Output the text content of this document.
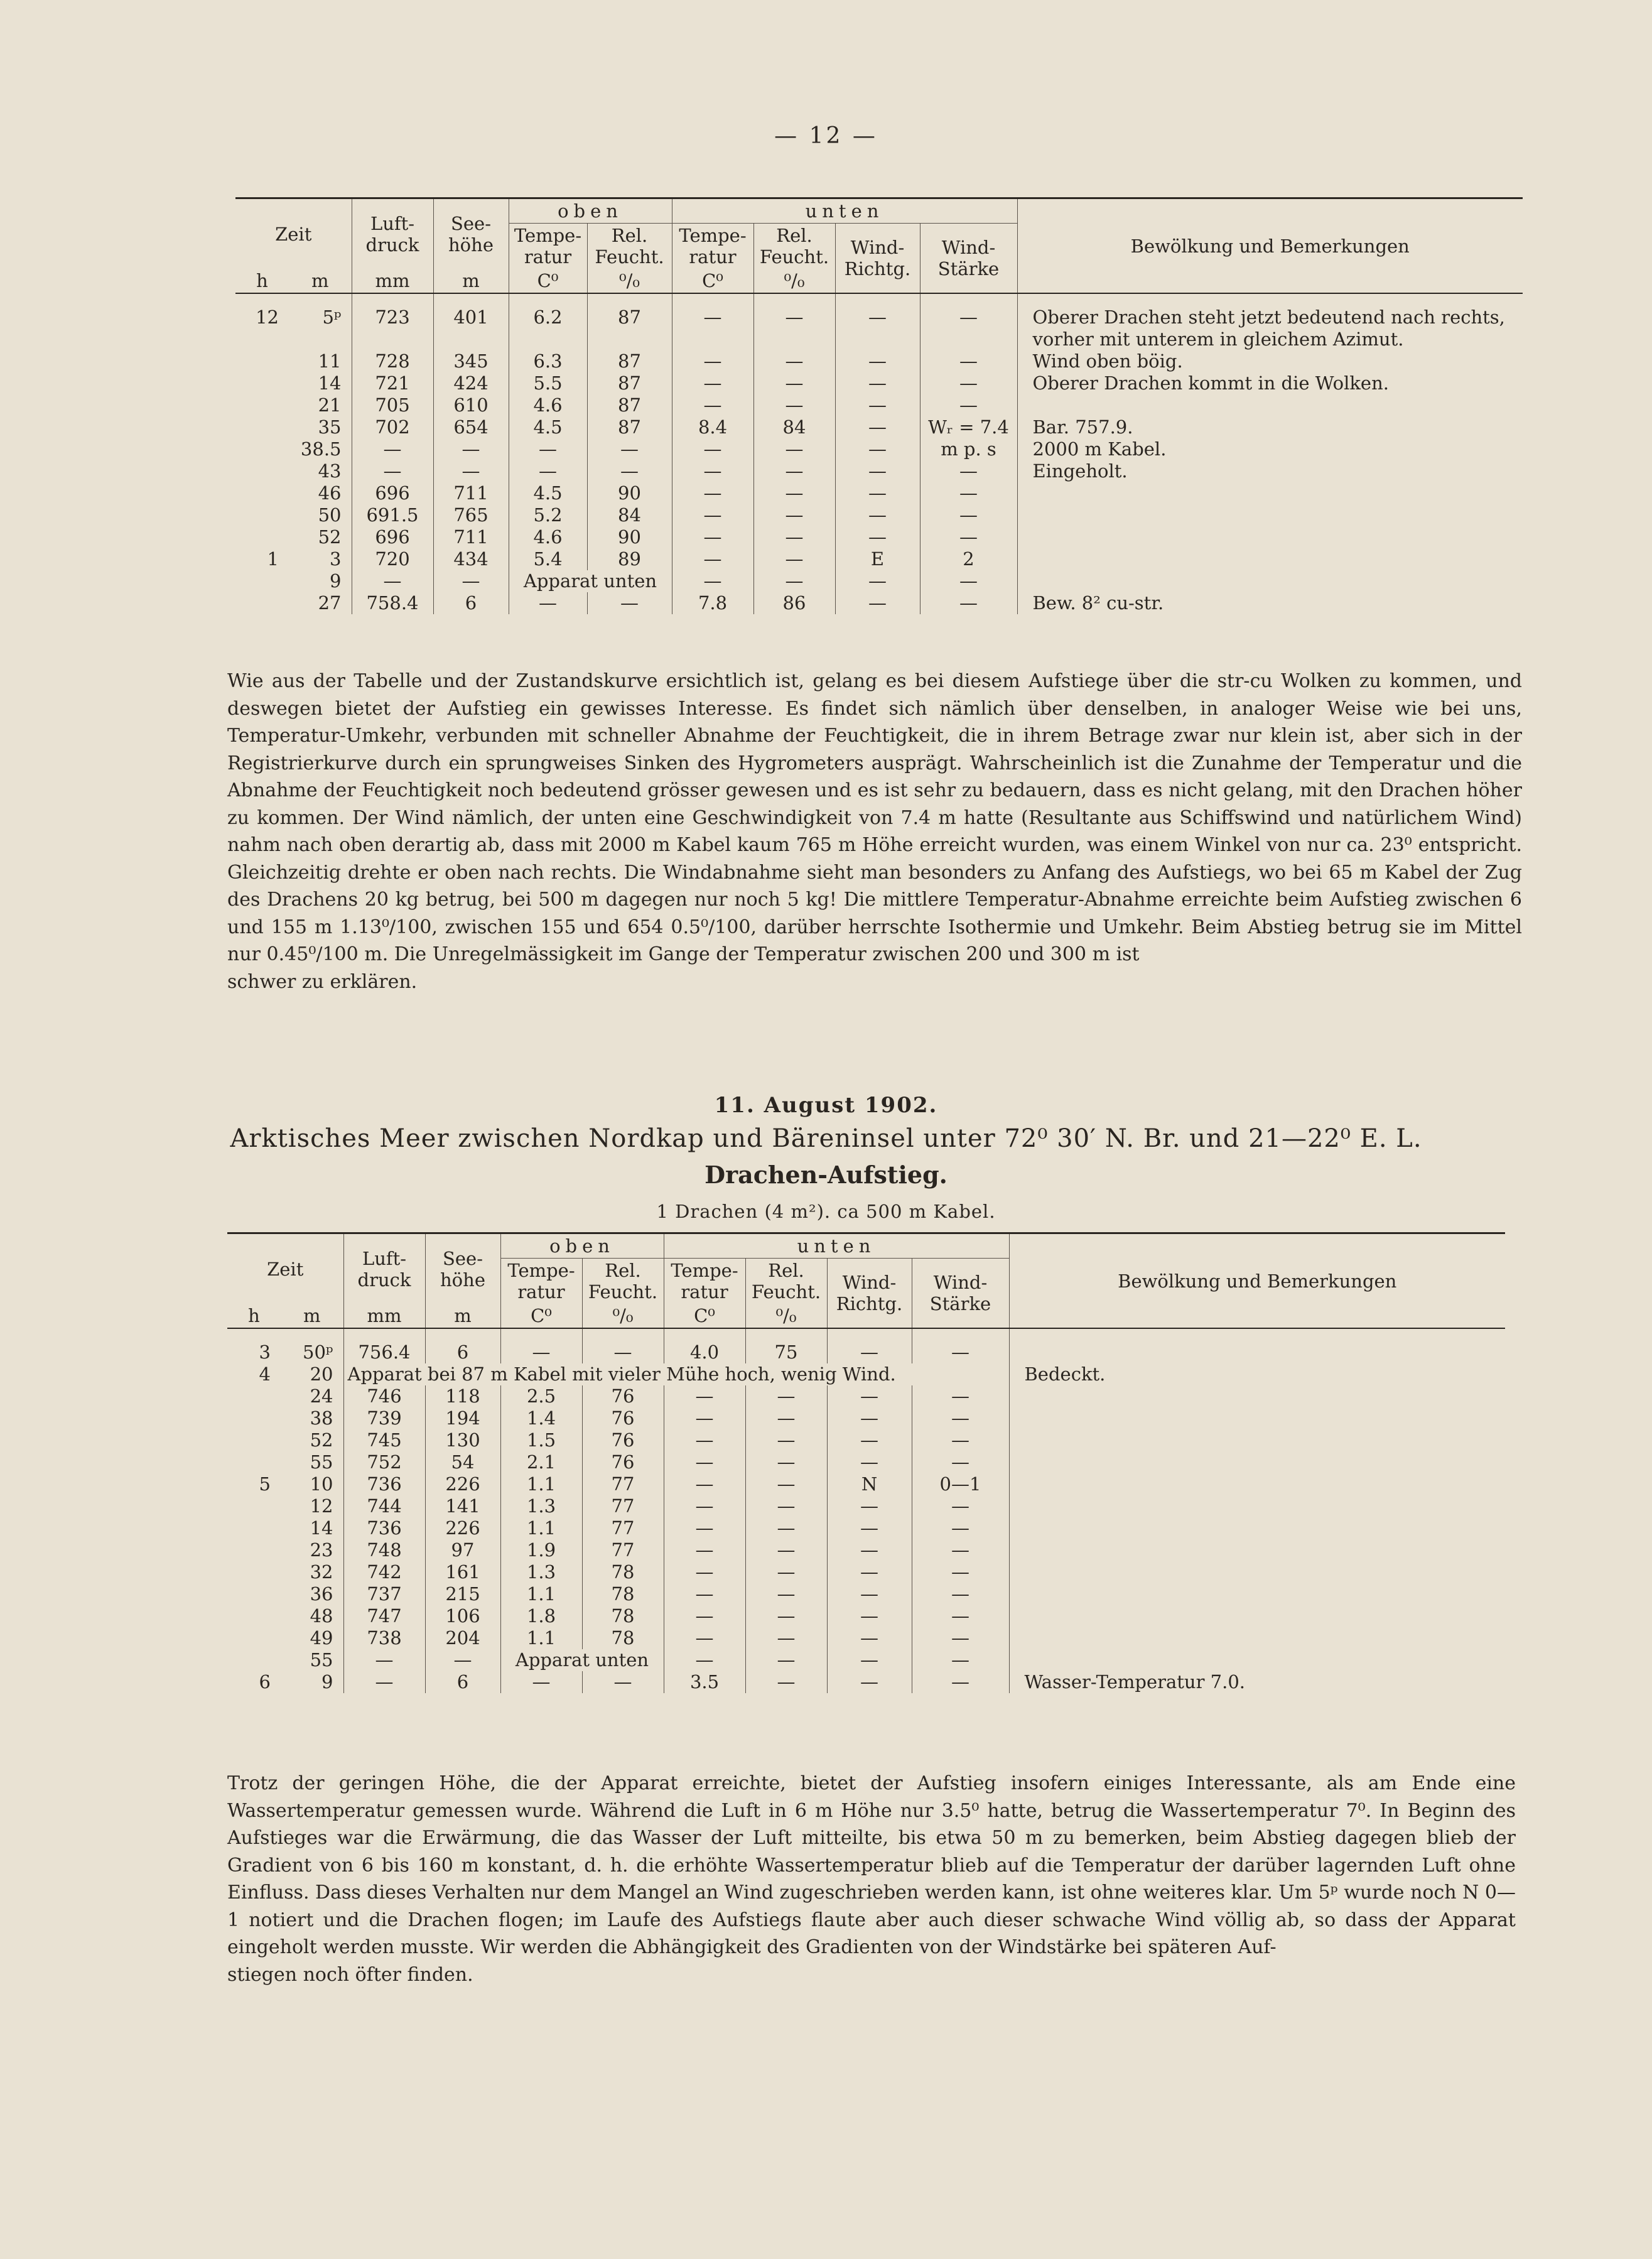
— 12 —
Zeit		Luft-druck	See-höhe	oben		unten				Bewölkung und Bemerkungen
				Tempe-ratur	Rel. Feucht.	Tempe-ratur	Rel. Feucht.	Wind-Richtg.	Wind-Stärke	
h	m	mm	m	C⁰	⁰/₀	C⁰	⁰/₀			

12	5ᵖ	723	401	6.2	87	—	—	—	—	Oberer Drachen steht jetzt bedeutend nach rechts,
										vorher mit unterem in gleichem Azimut.
	11	728	345	6.3	87	—	—	—	—	Wind oben böig.
	14	721	424	5.5	87	—	—	—	—	Oberer Drachen kommt in die Wolken.
	21	705	610	4.6	87	—	—	—	—	
	35	702	654	4.5	87	8.4	84	—	Wᵣ = 7.4	Bar. 757.9.
	38.5	—	—	—	—	—	—	—	m p. s	2000 m Kabel.
	43	—	—	—	—	—	—	—	—	Eingeholt.
	46	696	711	4.5	90	—	—	—	—	
	50	691.5	765	5.2	84	—	—	—	—	
	52	696	711	4.6	90	—	—	—	—	
1	3	720	434	5.4	89	—	—	E	2	
	9	—	—	Apparat unten		—	—	—	—	
	27	758.4	6	—	—	7.8	86	—	—	Bew. 8² cu-str.
Wie aus der Tabelle und der Zustandskurve ersichtlich ist, gelang es bei diesem Aufstiege über die str-cu Wolken zu kommen, und deswegen bietet der Aufstieg ein gewisses Interesse. Es findet sich nämlich über denselben, in analoger Weise wie bei uns, Temperatur-Umkehr, verbunden mit schneller Abnahme der Feuchtigkeit, die in ihrem Betrage zwar nur klein ist, aber sich in der Registrierkurve durch ein sprungweises Sinken des Hygrometers ausprägt. Wahrscheinlich ist die Zunahme der Temperatur und die Abnahme der Feuchtigkeit noch bedeutend grösser gewesen und es ist sehr zu bedauern, dass es nicht gelang, mit den Drachen höher zu kommen. Der Wind nämlich, der unten eine Geschwindigkeit von 7.4 m hatte (Resultante aus Schiffswind und natürlichem Wind) nahm nach oben derartig ab, dass mit 2000 m Kabel kaum 765 m Höhe erreicht wurden, was einem Winkel von nur ca. 23⁰ entspricht. Gleichzeitig drehte er oben nach rechts. Die Windabnahme sieht man besonders zu Anfang des Aufstiegs, wo bei 65 m Kabel der Zug des Drachens 20 kg betrug, bei 500 m dagegen nur noch 5 kg! Die mittlere Temperatur-Abnahme erreichte beim Aufstieg zwischen 6 und 155 m 1.13⁰/100, zwischen 155 und 654 0.5⁰/100, darüber herrschte Isothermie und Umkehr. Beim Abstieg betrug sie im Mittel nur 0.45⁰/100 m. Die Unregelmässigkeit im Gange der Temperatur zwischen 200 und 300 m ist
schwer zu erklären.
11. August 1902.
Arktisches Meer zwischen Nordkap und Bäreninsel unter 72⁰ 30′ N. Br. und 21—22⁰ E. L.
Drachen-Aufstieg.
1 Drachen (4 m²). ca 500 m Kabel.
Zeit		Luft-druck	See-höhe	oben		unten				Bewölkung und Bemerkungen
				Tempe-ratur	Rel. Feucht.	Tempe-ratur	Rel. Feucht.	Wind-Richtg.	Wind-Stärke	
h	m	mm	m	C⁰	⁰/₀	C⁰	⁰/₀			

3	50ᵖ	756.4	6	—	—	4.0	75	—	—	
4	20	Apparat bei 87 m Kabel mit vieler Mühe hoch, wenig Wind.								Bedeckt.
	24	746	118	2.5	76	—	—	—	—	
	38	739	194	1.4	76	—	—	—	—	
	52	745	130	1.5	76	—	—	—	—	
	55	752	54	2.1	76	—	—	—	—	
5	10	736	226	1.1	77	—	—	N	0—1	
	12	744	141	1.3	77	—	—	—	—	
	14	736	226	1.1	77	—	—	—	—	
	23	748	97	1.9	77	—	—	—	—	
	32	742	161	1.3	78	—	—	—	—	
	36	737	215	1.1	78	—	—	—	—	
	48	747	106	1.8	78	—	—	—	—	
	49	738	204	1.1	78	—	—	—	—	
	55	—	—	Apparat unten		—	—	—	—	
6	9	—	6	—	—	3.5	—	—	—	Wasser-Temperatur 7.0.
Trotz der geringen Höhe, die der Apparat erreichte, bietet der Aufstieg insofern einiges Interessante, als am Ende eine Wassertemperatur gemessen wurde. Während die Luft in 6 m Höhe nur 3.5⁰ hatte, betrug die Wassertemperatur 7⁰. In Beginn des Aufstieges war die Erwärmung, die das Wasser der Luft mitteilte, bis etwa 50 m zu bemerken, beim Abstieg dagegen blieb der Gradient von 6 bis 160 m konstant, d. h. die erhöhte Wassertemperatur blieb auf die Temperatur der darüber lagernden Luft ohne Einfluss. Dass dieses Verhalten nur dem Mangel an Wind zugeschrieben werden kann, ist ohne weiteres klar. Um 5ᵖ wurde noch N 0—1 notiert und die Drachen flogen; im Laufe des Aufstiegs flaute aber auch dieser schwache Wind völlig ab, so dass der Apparat eingeholt werden musste. Wir werden die Abhängigkeit des Gradienten von der Windstärke bei späteren Auf-
stiegen noch öfter finden.
